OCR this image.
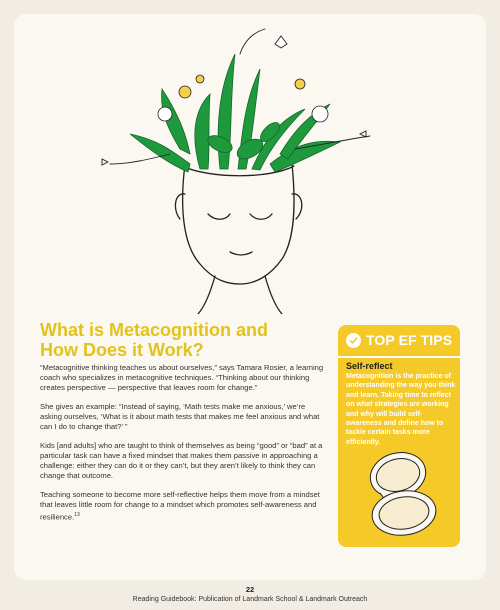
What is Metacognition and How Does it Work?

“Metacognitive thinking teaches us about ourselves,” says Tamara Rosier, a learning coach who specializes in metacognitive techniques. “Thinking about our thinking creates perspective — perspective that leaves room for change.”

She gives an example: “Instead of saying, ‘Math tests make me anxious,’ we’re asking ourselves, ‘What is it about math tests that makes me feel anxious and what can I do to change that?’ ”

Kids [and adults] who are taught to think of themselves as being “good” or “bad” at a particular task can have a fixed mindset that makes them passive in approaching a challenge: either they can do it or they can’t, but they aren’t likely to think they can change that outcome.

Teaching someone to become more self-reflective helps them move from a mindset that leaves little room for change to a mindset which promotes self-awareness and resilience.$^{13}$

TOP EF TIPS
Self-reflect
Metacognition is the practice of understanding the way you think and learn. Taking time to reflect on what strategies are working and why will build self-awareness and define how to tackle certain tasks more efficiently.
22
Reading Guidebook: Publication of Landmark School & Landmark Outreach
